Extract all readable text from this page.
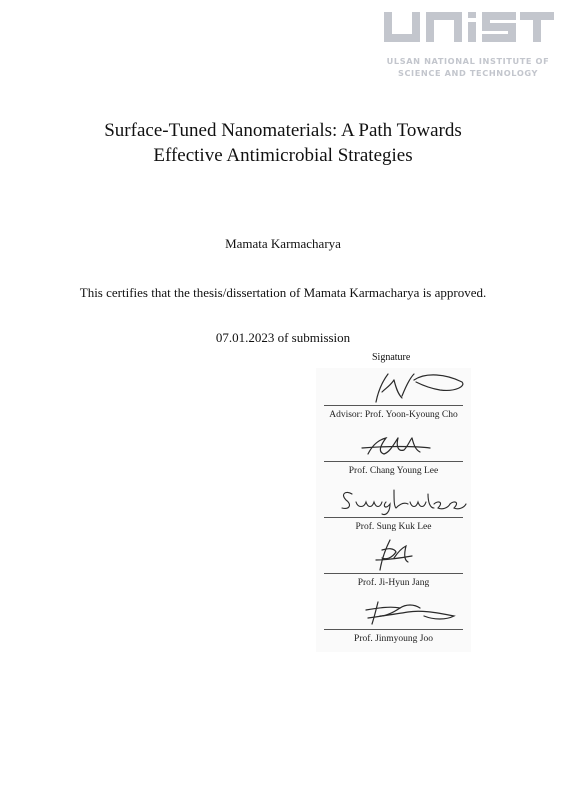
ULSAN NATIONAL INSTITUTE OF
SCIENCE AND TECHNOLOGY
Surface-Tuned Nanomaterials: A Path Towards
Effective Antimicrobial Strategies
Mamata Karmacharya
This certifies that the thesis/dissertation of Mamata Karmacharya is approved.
07.01.2023 of submission
Signature
Advisor: Prof. Yoon-Kyoung Cho
Prof. Chang Young Lee
Prof. Sung Kuk Lee
Prof. Ji-Hyun Jang
Prof. Jinmyoung Joo
